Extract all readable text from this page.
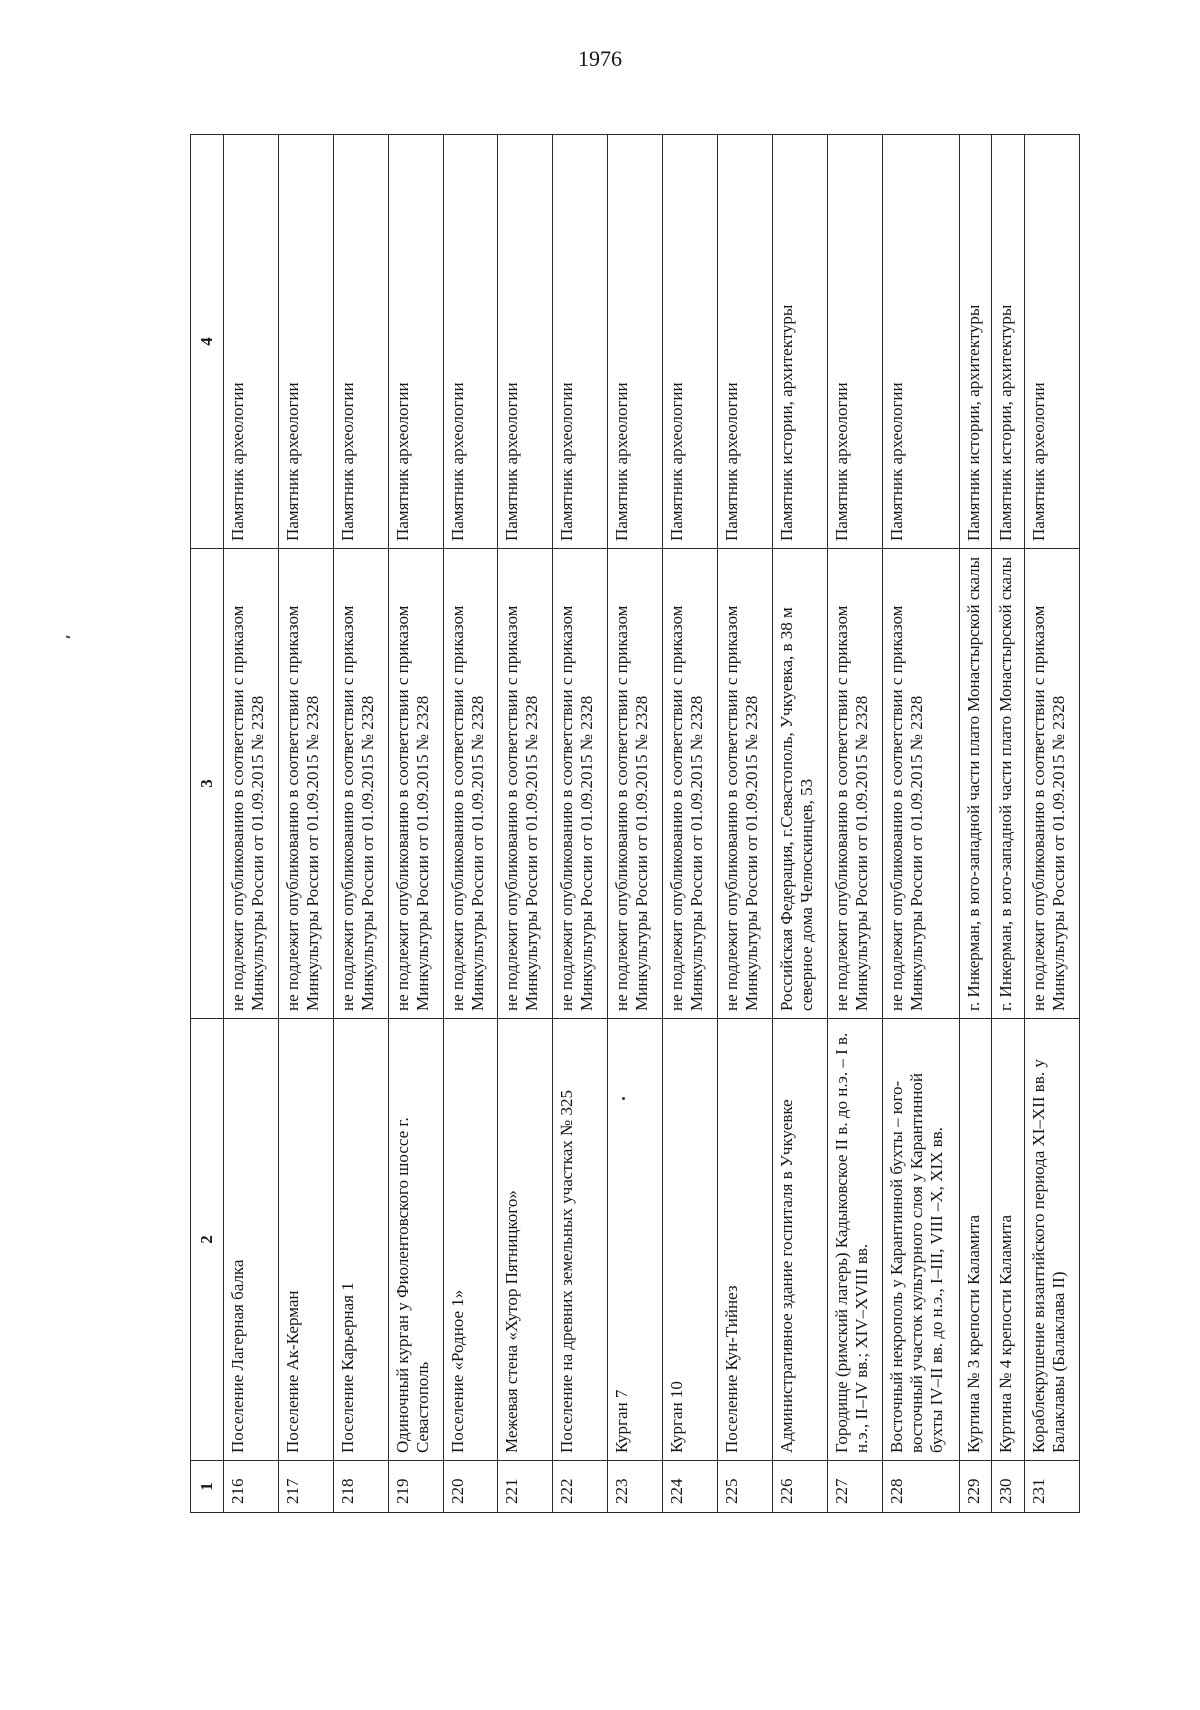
1976
1	2	3	4
216	Поселение Лагерная балка	не подлежит опубликованию в соответствии с приказом Минкультуры России от 01.09.2015 № 2328	Памятник археологии
217	Поселение Ак-Керман	не подлежит опубликованию в соответствии с приказом Минкультуры России от 01.09.2015 № 2328	Памятник археологии
218	Поселение Карьерная 1	не подлежит опубликованию в соответствии с приказом Минкультуры России от 01.09.2015 № 2328	Памятник археологии
219	Одиночный курган у Фиолентовского шоссе г. Севастополь	не подлежит опубликованию в соответствии с приказом Минкультуры России от 01.09.2015 № 2328	Памятник археологии
220	Поселение «Родное 1»	не подлежит опубликованию в соответствии с приказом Минкультуры России от 01.09.2015 № 2328	Памятник археологии
221	Межевая стена «Хутор Пятницкого»	не подлежит опубликованию в соответствии с приказом Минкультуры России от 01.09.2015 № 2328	Памятник археологии
222	Поселение на древних земельных участках № 325	не подлежит опубликованию в соответствии с приказом Минкультуры России от 01.09.2015 № 2328	Памятник археологии
223	Курган 7	не подлежит опубликованию в соответствии с приказом Минкультуры России от 01.09.2015 № 2328	Памятник археологии
224	Курган 10	не подлежит опубликованию в соответствии с приказом Минкультуры России от 01.09.2015 № 2328	Памятник археологии
225	Поселение Кун-Тийнез	не подлежит опубликованию в соответствии с приказом Минкультуры России от 01.09.2015 № 2328	Памятник археологии
226	Административное здание госпиталя в Учкуевке	Российская Федерация, г.Севастополь, Учкуевка, в 38 м северное дома Челюскинцев, 53	Памятник истории, архитектуры
227	Городище (римский лагерь) Кадыковское II в. до н.э. – I в. н.э., II–IV вв.; XIV–XVIII вв.	не подлежит опубликованию в соответствии с приказом Минкультуры России от 01.09.2015 № 2328	Памятник археологии
228	Восточный некрополь у Карантинной бухты – юго-восточный участок культурного слоя у Карантинной бухты IV–II вв. до н.э., I–III, VIII –X, XIX вв.	не подлежит опубликованию в соответствии с приказом Минкультуры России от 01.09.2015 № 2328	Памятник археологии
229	Куртина № 3 крепости Каламита	г. Инкерман, в юго-западной части плато Монастырской скалы	Памятник истории, архитектуры
230	Куртина № 4 крепости Каламита	г. Инкерман, в юго-западной части плато Монастырской скалы	Памятник истории, архитектуры
231	Кораблекрушение византийского периода XI–XII вв. у Балаклавы (Балаклава II)	не подлежит опубликованию в соответствии с приказом Минкультуры России от 01.09.2015 № 2328	Памятник археологии
